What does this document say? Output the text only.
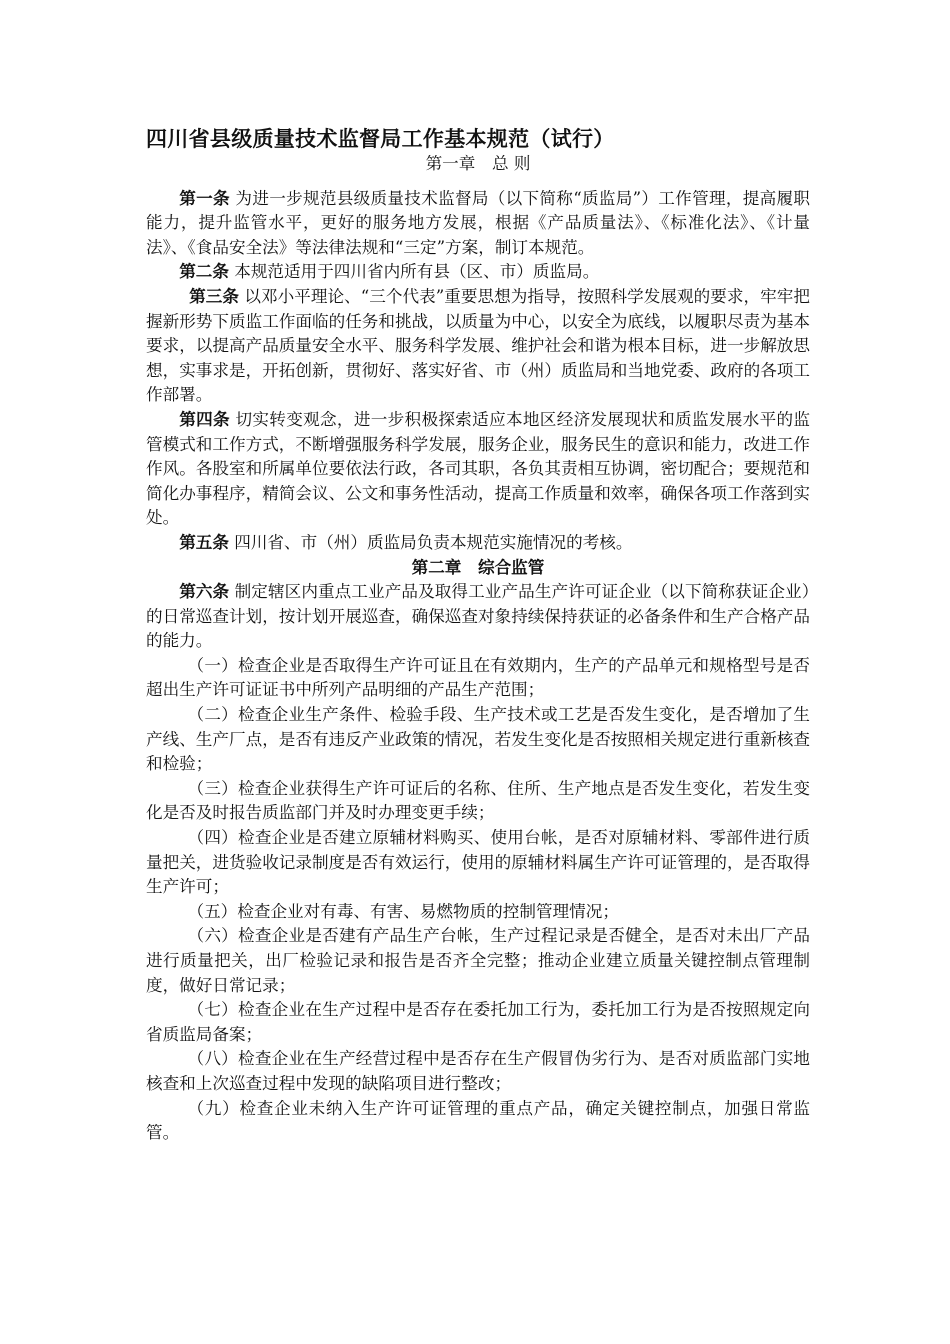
四川省县级质量技术监督局工作基本规范（试行）

第一章　总 则

第一条 为进一步规范县级质量技术监督局（以下简称“质监局”）工作管理，提高履职能力，提升监管水平，更好的服务地方发展，根据《产品质量法》、《标准化法》、《计量法》、《食品安全法》等法律法规和“三定”方案，制订本规范。

第二条 本规范适用于四川省内所有县（区、市）质监局。

第三条 以邓小平理论、“三个代表”重要思想为指导，按照科学发展观的要求，牢牢把握新形势下质监工作面临的任务和挑战，以质量为中心，以安全为底线，以履职尽责为基本要求，以提高产品质量安全水平、服务科学发展、维护社会和谐为根本目标，进一步解放思想，实事求是，开拓创新，贯彻好、落实好省、市（州）质监局和当地党委、政府的各项工作部署。

第四条 切实转变观念，进一步积极探索适应本地区经济发展现状和质监发展水平的监管模式和工作方式，不断增强服务科学发展，服务企业，服务民生的意识和能力，改进工作作风。各股室和所属单位要依法行政，各司其职，各负其责相互协调，密切配合；要规范和简化办事程序，精简会议、公文和事务性活动，提高工作质量和效率，确保各项工作落到实处。

第五条 四川省、市（州）质监局负责本规范实施情况的考核。

第二章　综合监管

第六条 制定辖区内重点工业产品及取得工业产品生产许可证企业（以下简称获证企业）的日常巡查计划，按计划开展巡查，确保巡查对象持续保持获证的必备条件和生产合格产品的能力。

（一）检查企业是否取得生产许可证且在有效期内，生产的产品单元和规格型号是否超出生产许可证证书中所列产品明细的产品生产范围；

（二）检查企业生产条件、检验手段、生产技术或工艺是否发生变化，是否增加了生产线、生产厂点，是否有违反产业政策的情况，若发生变化是否按照相关规定进行重新核查和检验；

（三）检查企业获得生产许可证后的名称、住所、生产地点是否发生变化，若发生变化是否及时报告质监部门并及时办理变更手续；

（四）检查企业是否建立原辅材料购买、使用台帐，是否对原辅材料、零部件进行质量把关，进货验收记录制度是否有效运行，使用的原辅材料属生产许可证管理的，是否取得生产许可；

（五）检查企业对有毒、有害、易燃物质的控制管理情况；

（六）检查企业是否建有产品生产台帐，生产过程记录是否健全，是否对未出厂产品进行质量把关，出厂检验记录和报告是否齐全完整；推动企业建立质量关键控制点管理制度，做好日常记录；

（七）检查企业在生产过程中是否存在委托加工行为，委托加工行为是否按照规定向省质监局备案；

（八）检查企业在生产经营过程中是否存在生产假冒伪劣行为、是否对质监部门实地核查和上次巡查过程中发现的缺陷项目进行整改；

（九）检查企业未纳入生产许可证管理的重点产品，确定关键控制点，加强日常监管。
